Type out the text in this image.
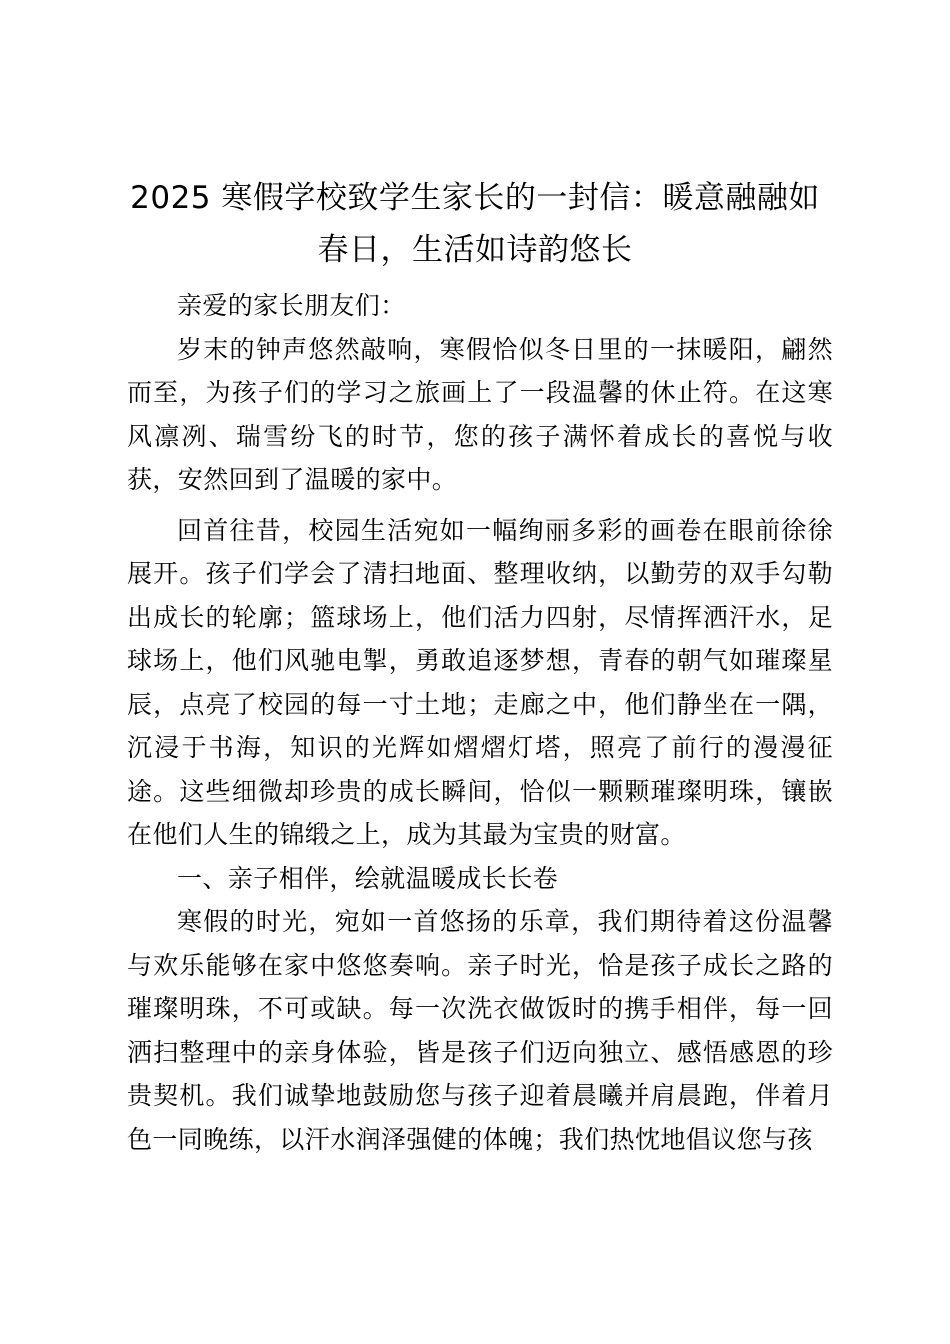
2025 寒假学校致学生家长的一封信：暖意融融如春日，生活如诗韵悠长

亲爱的家长朋友们：

岁末的钟声悠然敲响，寒假恰似冬日里的一抹暖阳，翩然而至，为孩子们的学习之旅画上了一段温馨的休止符。在这寒风凛冽、瑞雪纷飞的时节，您的孩子满怀着成长的喜悦与收获，安然回到了温暖的家中。

回首往昔，校园生活宛如一幅绚丽多彩的画卷在眼前徐徐展开。孩子们学会了清扫地面、整理收纳，以勤劳的双手勾勒出成长的轮廓；篮球场上，他们活力四射，尽情挥洒汗水，足球场上，他们风驰电掣，勇敢追逐梦想，青春的朝气如璀璨星辰，点亮了校园的每一寸土地；走廊之中，他们静坐在一隅，沉浸于书海，知识的光辉如熠熠灯塔，照亮了前行的漫漫征途。这些细微却珍贵的成长瞬间，恰似一颗颗璀璨明珠，镶嵌在他们人生的锦缎之上，成为其最为宝贵的财富。

一、亲子相伴，绘就温暖成长长卷

寒假的时光，宛如一首悠扬的乐章，我们期待着这份温馨与欢乐能够在家中悠悠奏响。亲子时光，恰是孩子成长之路的璀璨明珠，不可或缺。每一次洗衣做饭时的携手相伴，每一回洒扫整理中的亲身体验，皆是孩子们迈向独立、感悟感恩的珍贵契机。我们诚挚地鼓励您与孩子迎着晨曦并肩晨跑，伴着月色一同晚练，以汗水润泽强健的体魄；我们热忱地倡议您与孩
